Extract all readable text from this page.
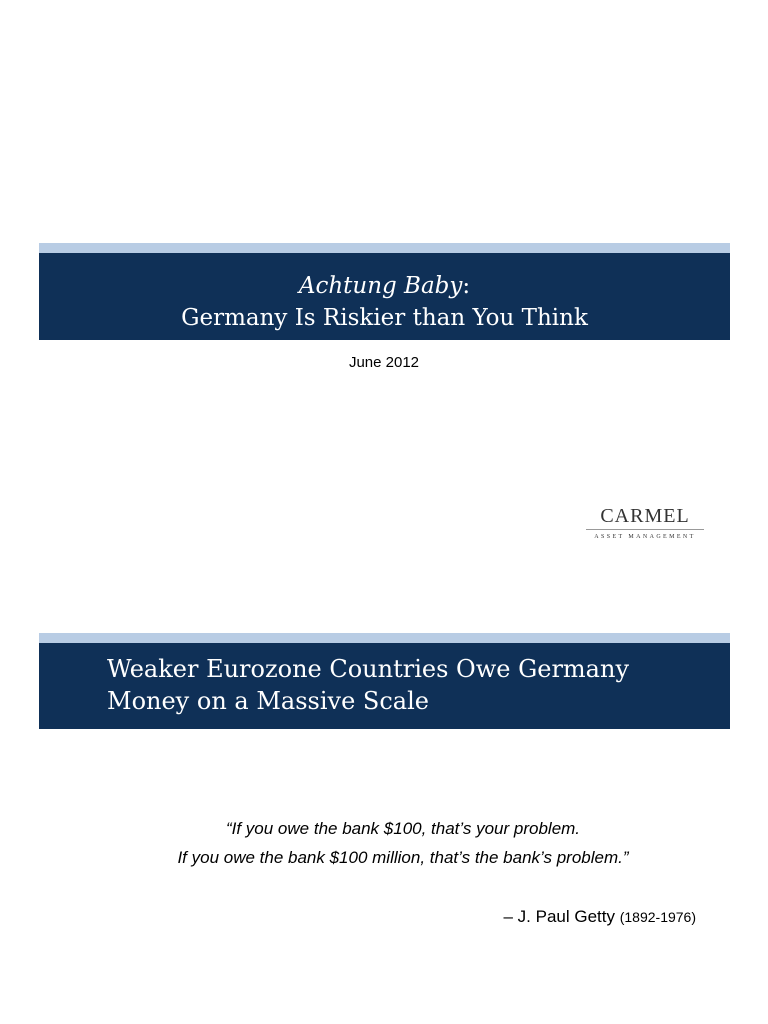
Achtung Baby:
Germany Is Riskier than You Think
June 2012
CARMEL
ASSET MANAGEMENT
Weaker Eurozone Countries Owe Germany
Money on a Massive Scale
“If you owe the bank $100, that’s your problem.
If you owe the bank $100 million, that’s the bank’s problem.”
– J. Paul Getty (1892-1976)
